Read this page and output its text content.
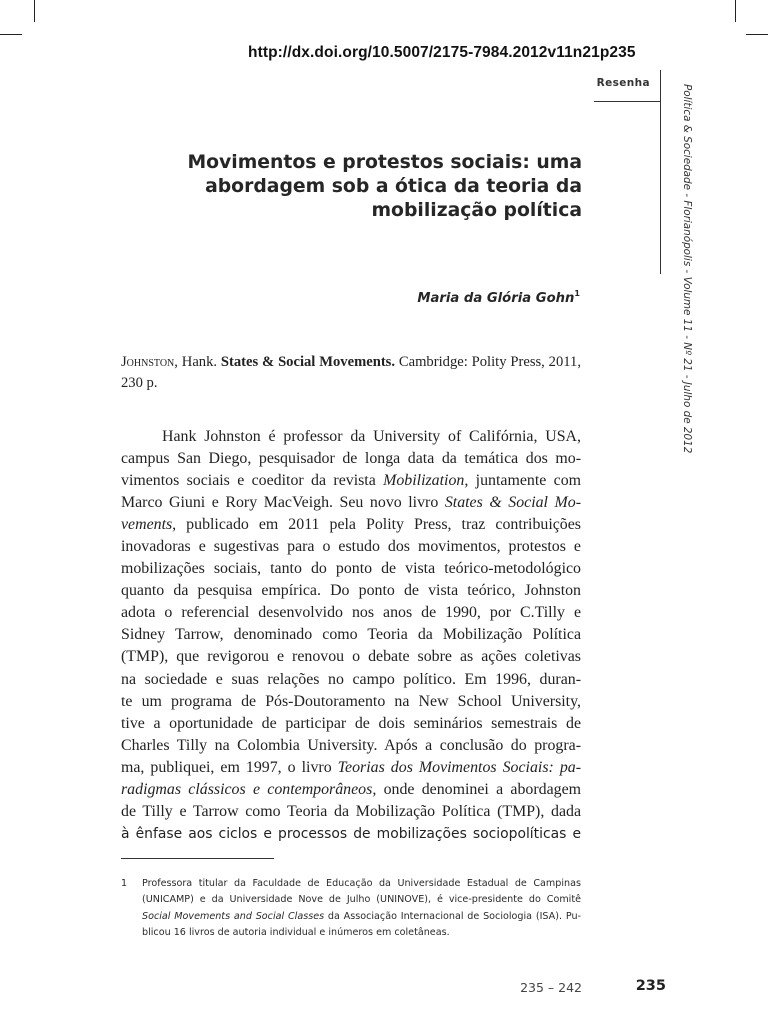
http://dx.doi.org/10.5007/2175-7984.2012v11n21p235
Resenha
Política & Sociedade - Florianópolis - Volume 11 - Nº 21 - Julho de 2012
Movimentos e protestos sociais: uma abordagem sob a ótica da teoria da mobilização política
Maria da Glória Gohn$^1$
Johnston, Hank. States & Social Movements. Cambridge: Polity Press, 2011, 230 p.
Hank Johnston é professor da University of Califórnia, USA,
campus San Diego, pesquisador de longa data da temática dos mo-
vimentos sociais e coeditor da revista Mobilization, juntamente com
Marco Giuni e Rory MacVeigh. Seu novo livro States & Social Mo-
vements, publicado em 2011 pela Polity Press, traz contribuições
inovadoras e sugestivas para o estudo dos movimentos, protestos e
mobilizações sociais, tanto do ponto de vista teórico-metodológico
quanto da pesquisa empírica. Do ponto de vista teórico, Johnston
adota o referencial desenvolvido nos anos de 1990, por C.Tilly e
Sidney Tarrow, denominado como Teoria da Mobilização Política
(TMP), que revigorou e renovou o debate sobre as ações coletivas
na sociedade e suas relações no campo político. Em 1996, duran-
te um programa de Pós-Doutoramento na New School University,
tive a oportunidade de participar de dois seminários semestrais de
Charles Tilly na Colombia University. Após a conclusão do progra-
ma, publiquei, em 1997, o livro Teorias dos Movimentos Sociais: pa-
radigmas clássicos e contemporâneos, onde denominei a abordagem
de Tilly e Tarrow como Teoria da Mobilização Política (TMP), dada
à ênfase aos ciclos e processos de mobilizações sociopolíticas e
1 Professora titular da Faculdade de Educação da Universidade Estadual de Campinas
(UNICAMP) e da Universidade Nove de Julho (UNINOVE), é vice-presidente do Comitê
Social Movements and Social Classes da Associação Internacional de Sociologia (ISA). Pu-
blicou 16 livros de autoria individual e inúmeros em coletâneas.
235 – 242	235
